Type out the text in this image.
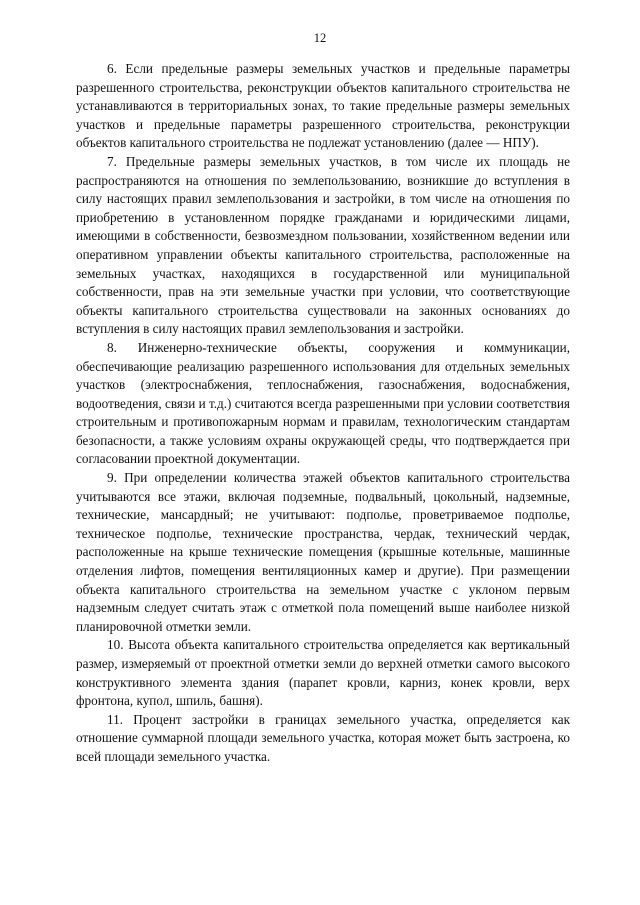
12

6. Если предельные размеры земельных участков и предельные параметры разрешенного строительства, реконструкции объектов капитального строительства не устанавливаются в территориальных зонах, то такие предельные размеры земельных участков и предельные параметры разрешенного строительства, реконструкции объектов капитального строительства не подлежат установлению (далее — НПУ).

7. Предельные размеры земельных участков, в том числе их площадь не распространяются на отношения по землепользованию, возникшие до вступления в силу настоящих правил землепользования и застройки, в том числе на отношения по приобретению в установленном порядке гражданами и юридическими лицами, имеющими в собственности, безвозмездном пользовании, хозяйственном ведении или оперативном управлении объекты капитального строительства, расположенные на земельных участках, находящихся в государственной или муниципальной собственности, прав на эти земельные участки при условии, что соответствующие объекты капитального строительства существовали на законных основаниях до вступления в силу настоящих правил землепользования и застройки.

8. Инженерно-технические объекты, сооружения и коммуникации, обеспечивающие реализацию разрешенного использования для отдельных земельных участков (электроснабжения, теплоснабжения, газоснабжения, водоснабжения, водоотведения, связи и т.д.) считаются всегда разрешенными при условии соответствия строительным и противопожарным нормам и правилам, технологическим стандартам безопасности, а также условиям охраны окружающей среды, что подтверждается при согласовании проектной документации.

9. При определении количества этажей объектов капитального строительства учитываются все этажи, включая подземные, подвальный, цокольный, надземные, технические, мансардный; не учитывают: подполье, проветриваемое подполье, техническое подполье, технические пространства, чердак, технический чердак, расположенные на крыше технические помещения (крышные котельные, машинные отделения лифтов, помещения вентиляционных камер и другие). При размещении объекта капитального строительства на земельном участке с уклоном первым надземным следует считать этаж с отметкой пола помещений выше наиболее низкой планировочной отметки земли.

10. Высота объекта капитального строительства определяется как вертикальный размер, измеряемый от проектной отметки земли до верхней отметки самого высокого конструктивного элемента здания (парапет кровли, карниз, конек кровли, верх фронтона, купол, шпиль, башня).

11. Процент застройки в границах земельного участка, определяется как отношение суммарной площади земельного участка, которая может быть застроена, ко всей площади земельного участка.
